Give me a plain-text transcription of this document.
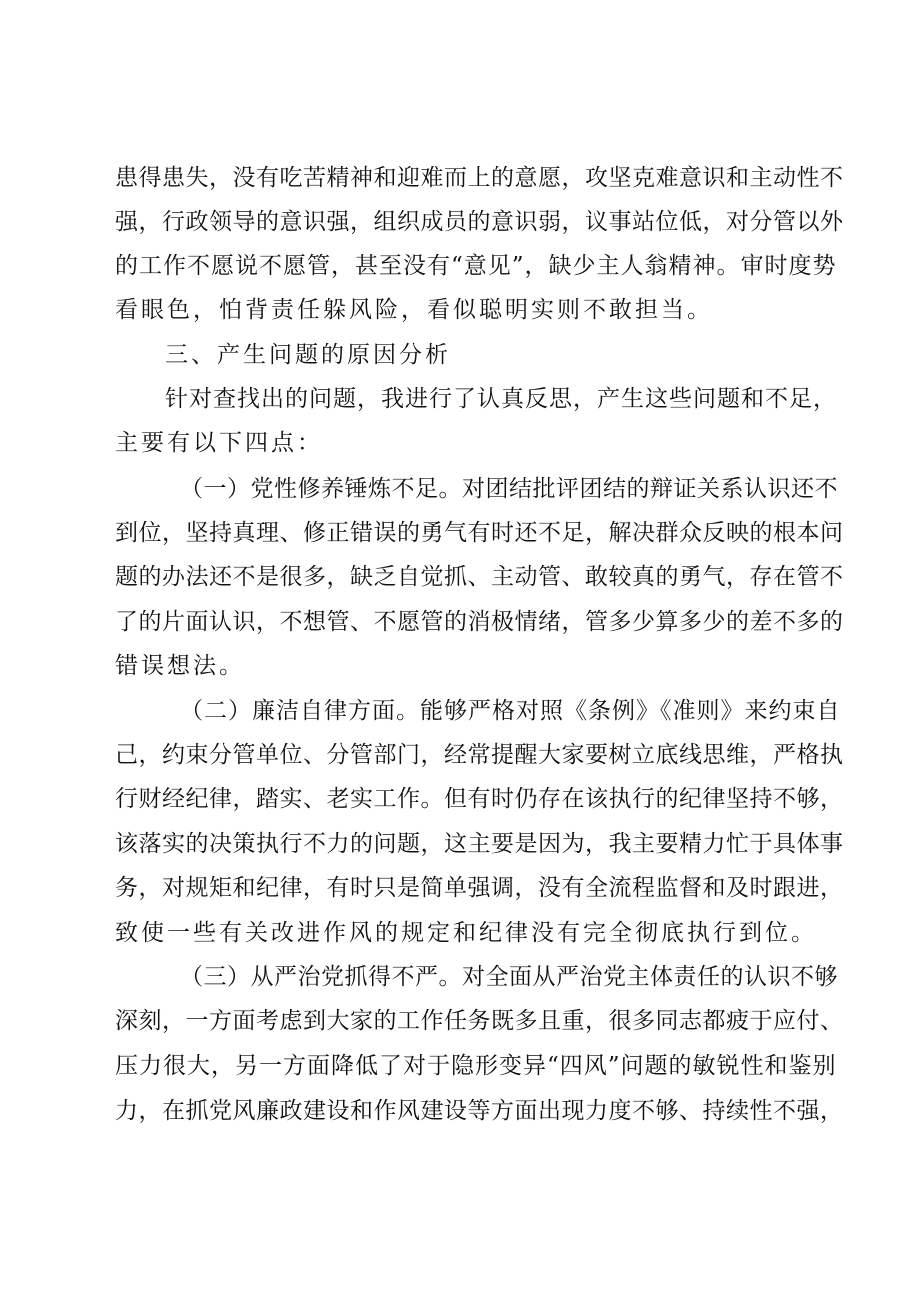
患得患失，没有吃苦精神和迎难而上的意愿，攻坚克难意识和主动性不
强，行政领导的意识强，组织成员的意识弱，议事站位低，对分管以外
的工作不愿说不愿管，甚至没有“意见”，缺少主人翁精神。审时度势
看眼色，怕背责任躲风险，看似聪明实则不敢担当。
三、产生问题的原因分析
针对查找出的问题，我进行了认真反思，产生这些问题和不足，
主要有以下四点：
（一）党性修养锤炼不足。对团结批评团结的辩证关系认识还不
到位，坚持真理、修正错误的勇气有时还不足，解决群众反映的根本问
题的办法还不是很多，缺乏自觉抓、主动管、敢较真的勇气，存在管不
了的片面认识，不想管、不愿管的消极情绪，管多少算多少的差不多的
错误想法。
（二）廉洁自律方面。能够严格对照《条例》《准则》来约束自
己，约束分管单位、分管部门，经常提醒大家要树立底线思维，严格执
行财经纪律，踏实、老实工作。但有时仍存在该执行的纪律坚持不够，
该落实的决策执行不力的问题，这主要是因为，我主要精力忙于具体事
务，对规矩和纪律，有时只是简单强调，没有全流程监督和及时跟进，
致使一些有关改进作风的规定和纪律没有完全彻底执行到位。
（三）从严治党抓得不严。对全面从严治党主体责任的认识不够
深刻，一方面考虑到大家的工作任务既多且重，很多同志都疲于应付、
压力很大，另一方面降低了对于隐形变异“四风”问题的敏锐性和鉴别
力，在抓党风廉政建设和作风建设等方面出现力度不够、持续性不强，
